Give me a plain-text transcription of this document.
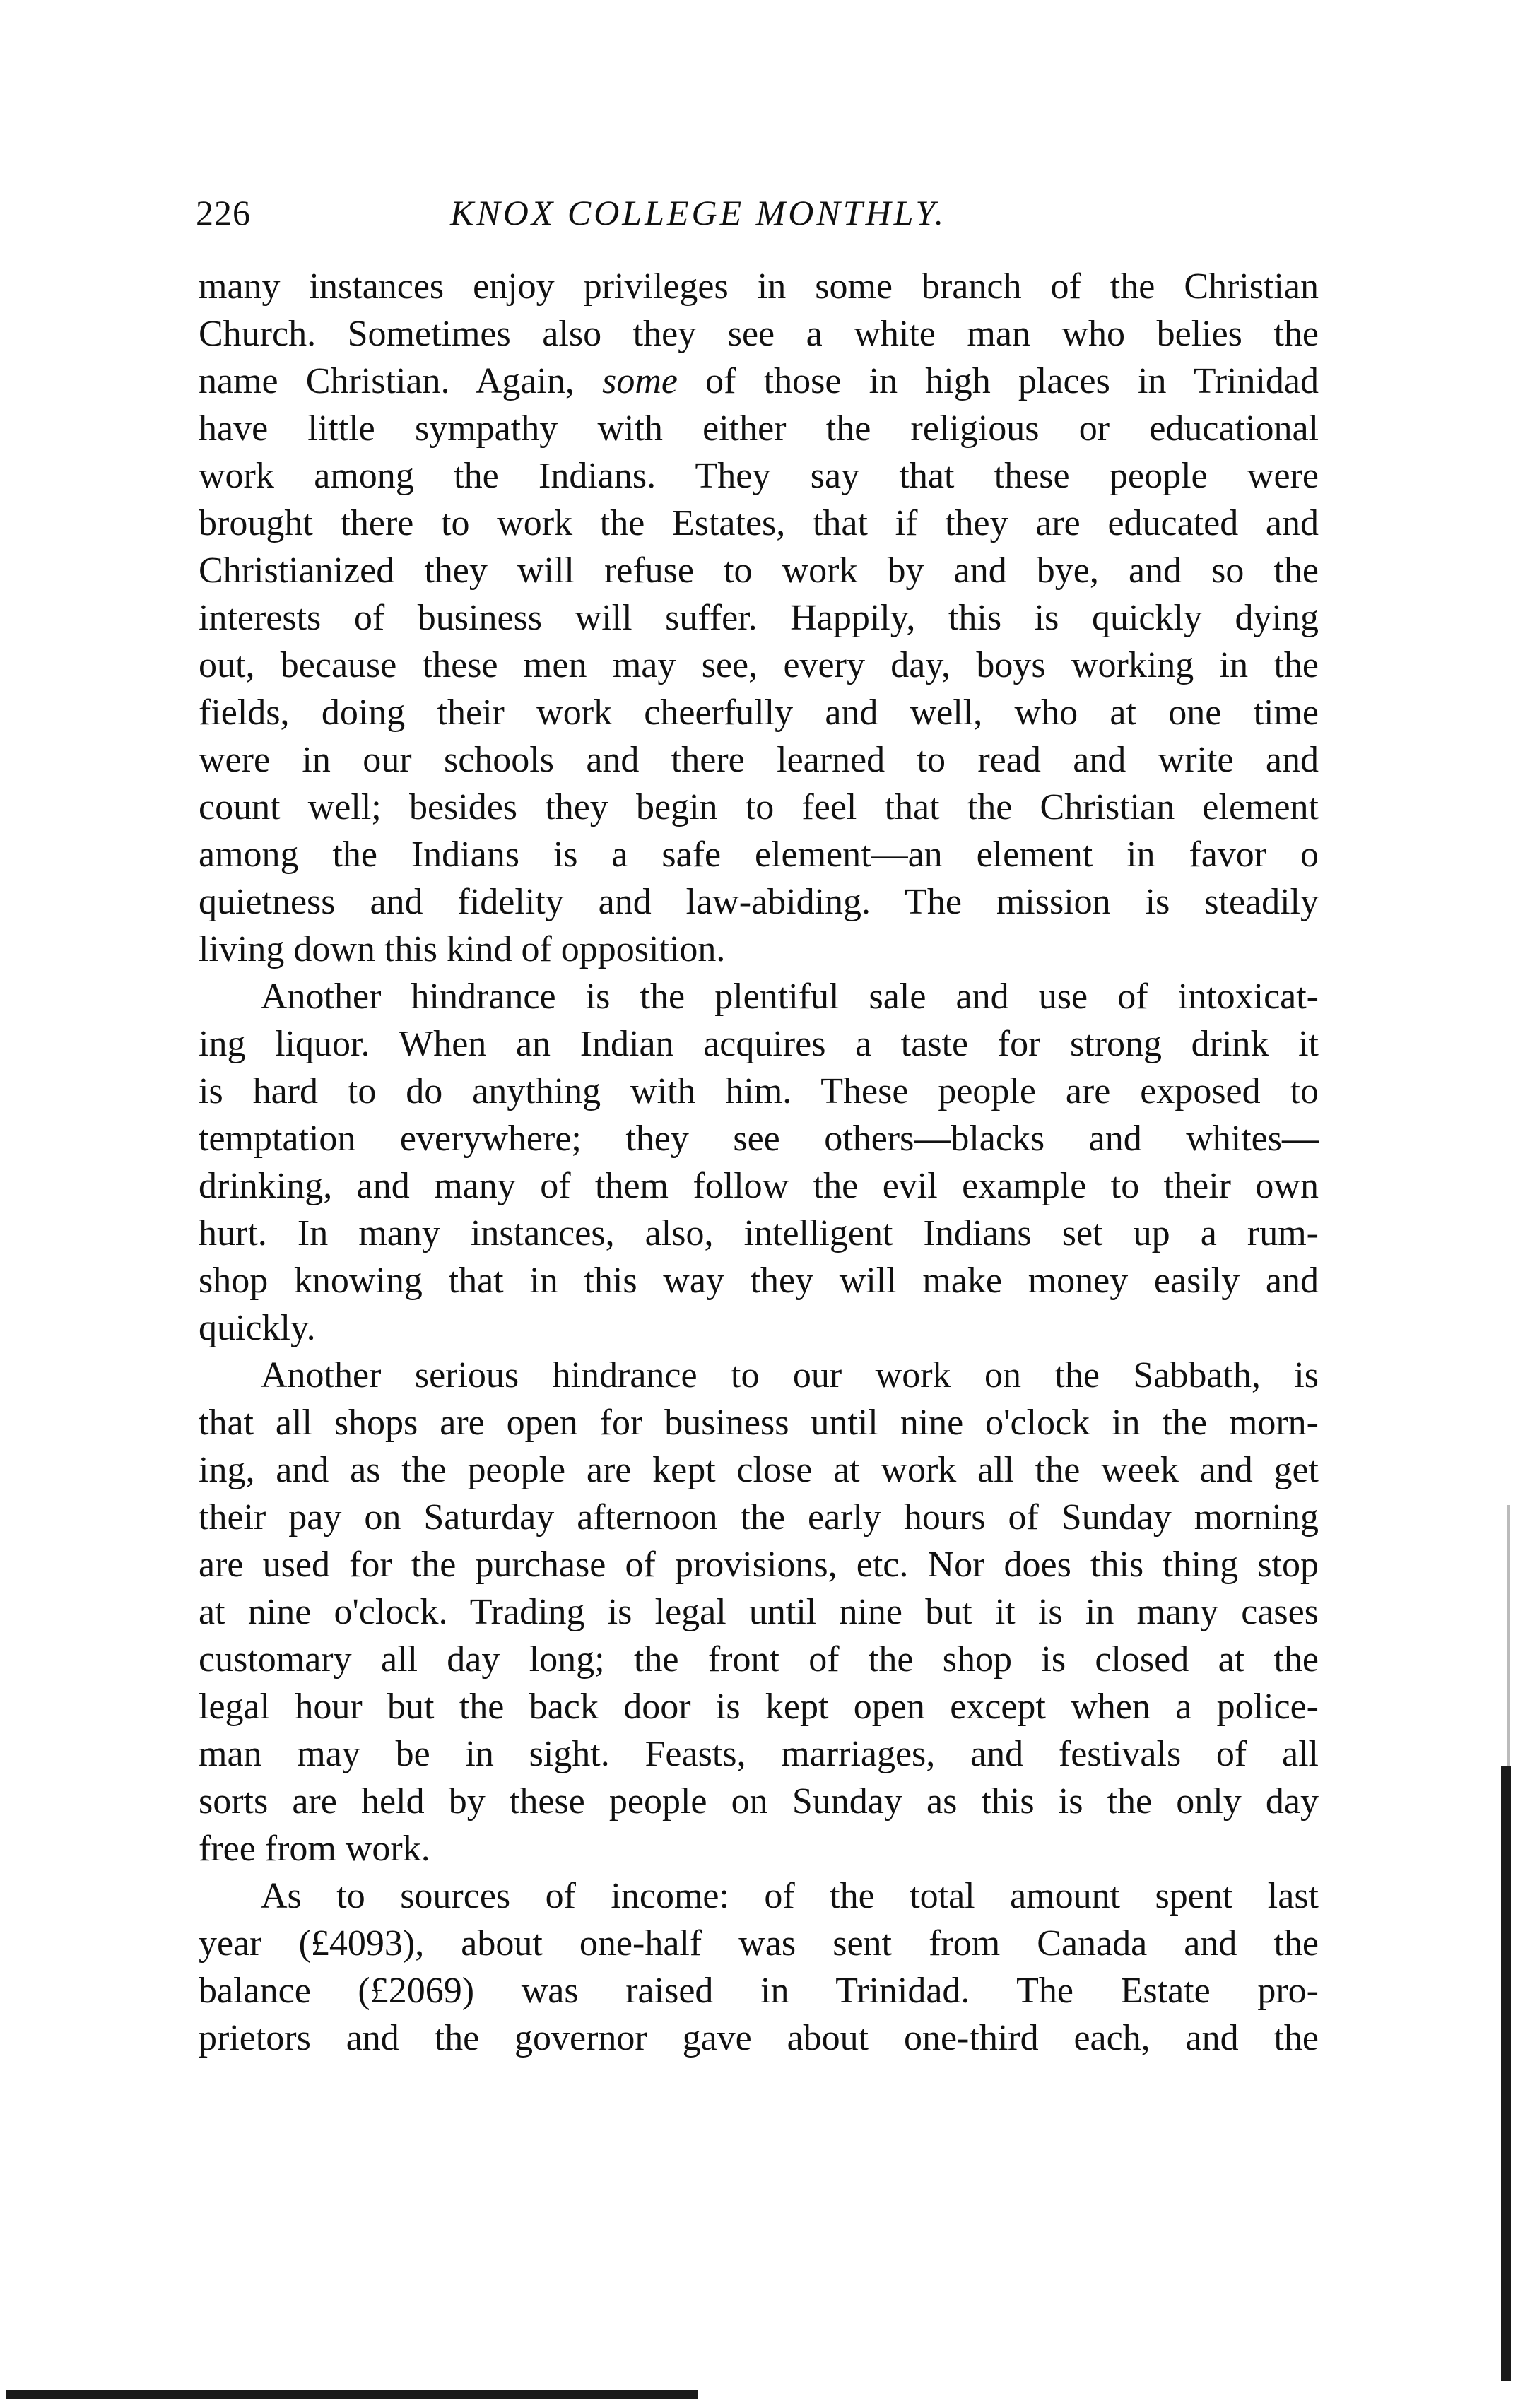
226	KNOX COLLEGE MONTHLY.
many instances enjoy privileges in some branch of the Christian
Church. Sometimes also they see a white man who belies the
name Christian. Again, some of those in high places in Trinidad
have little sympathy with either the religious or educational
work among the Indians. They say that these people were
brought there to work the Estates, that if they are educated and
Christianized they will refuse to work by and bye, and so the
interests of business will suffer. Happily, this is quickly dying
out, because these men may see, every day, boys working in the
fields, doing their work cheerfully and well, who at one time
were in our schools and there learned to read and write and
count well; besides they begin to feel that the Christian element
among the Indians is a safe element—an element in favor o
quietness and fidelity and law-abiding. The mission is steadily
living down this kind of opposition.
Another hindrance is the plentiful sale and use of intoxicat-
ing liquor. When an Indian acquires a taste for strong drink it
is hard to do anything with him. These people are exposed to
temptation everywhere; they see others—blacks and whites—
drinking, and many of them follow the evil example to their own
hurt. In many instances, also, intelligent Indians set up a rum-
shop knowing that in this way they will make money easily and
quickly.
Another serious hindrance to our work on the Sabbath, is
that all shops are open for business until nine o'clock in the morn-
ing, and as the people are kept close at work all the week and get
their pay on Saturday afternoon the early hours of Sunday morning
are used for the purchase of provisions, etc. Nor does this thing stop
at nine o'clock. Trading is legal until nine but it is in many cases
customary all day long; the front of the shop is closed at the
legal hour but the back door is kept open except when a police-
man may be in sight. Feasts, marriages, and festivals of all
sorts are held by these people on Sunday as this is the only day
free from work.
As to sources of income: of the total amount spent last
year (£4093), about one-half was sent from Canada and the
balance (£2069) was raised in Trinidad. The Estate pro-
prietors and the governor gave about one-third each, and the
